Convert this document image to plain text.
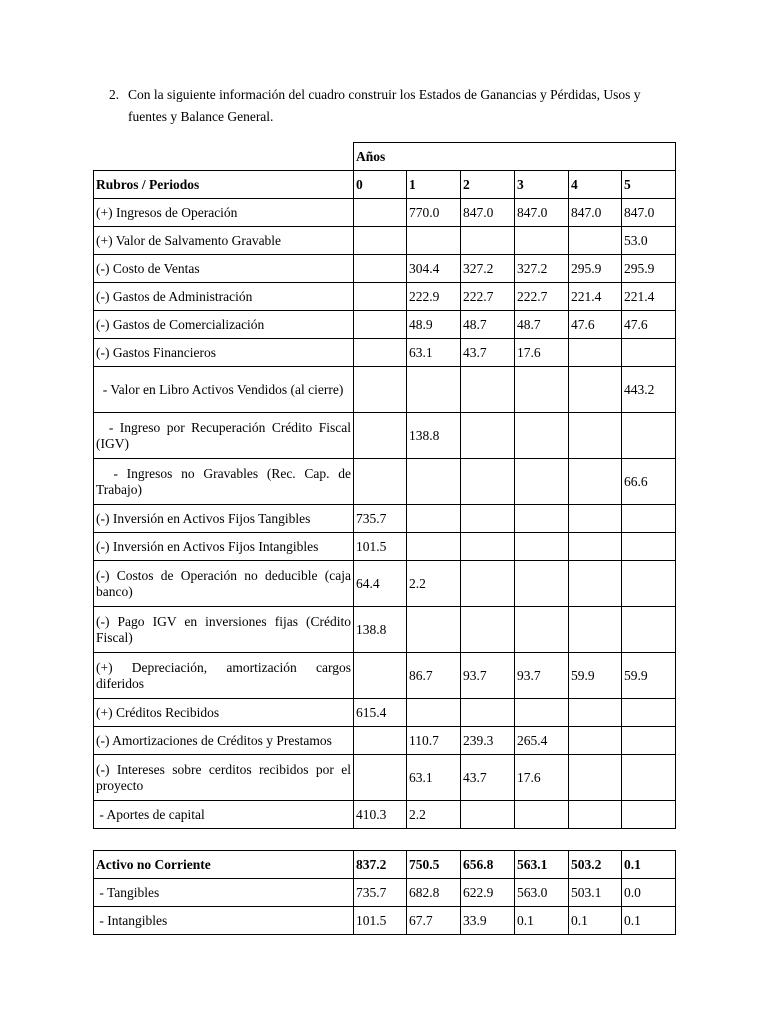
2. Con la siguiente información del cuadro construir los Estados de Ganancias y Pérdidas, Usos y fuentes y Balance General.
	Años					
Rubros / Periodos	0	1	2	3	4	5
(+) Ingresos de Operación		770.0	847.0	847.0	847.0	847.0
(+) Valor de Salvamento Gravable						53.0
(-) Costo de Ventas		304.4	327.2	327.2	295.9	295.9
(-) Gastos de Administración		222.9	222.7	222.7	221.4	221.4
(-) Gastos de Comercialización		48.9	48.7	48.7	47.6	47.6
(-) Gastos Financieros		63.1	43.7	17.6		
- Valor en Libro Activos Vendidos (al cierre)						443.2
- Ingreso por Recuperación Crédito Fiscal (IGV)		138.8				
- Ingresos no Gravables (Rec. Cap. de Trabajo)						66.6
(-) Inversión en Activos Fijos Tangibles	735.7					
(-) Inversión en Activos Fijos Intangibles	101.5					
(-) Costos de Operación no deducible (caja banco)	64.4	2.2				
(-) Pago IGV en inversiones fijas (Crédito Fiscal)	138.8					
(+) Depreciación, amortización cargos diferidos		86.7	93.7	93.7	59.9	59.9
(+) Créditos Recibidos	615.4					
(-) Amortizaciones de Créditos y Prestamos		110.7	239.3	265.4		
(-) Intereses sobre cerditos recibidos por el proyecto		63.1	43.7	17.6		
- Aportes de capital	410.3	2.2				
Activo no Corriente	837.2	750.5	656.8	563.1	503.2	0.1
- Tangibles	735.7	682.8	622.9	563.0	503.1	0.0
- Intangibles	101.5	67.7	33.9	0.1	0.1	0.1
